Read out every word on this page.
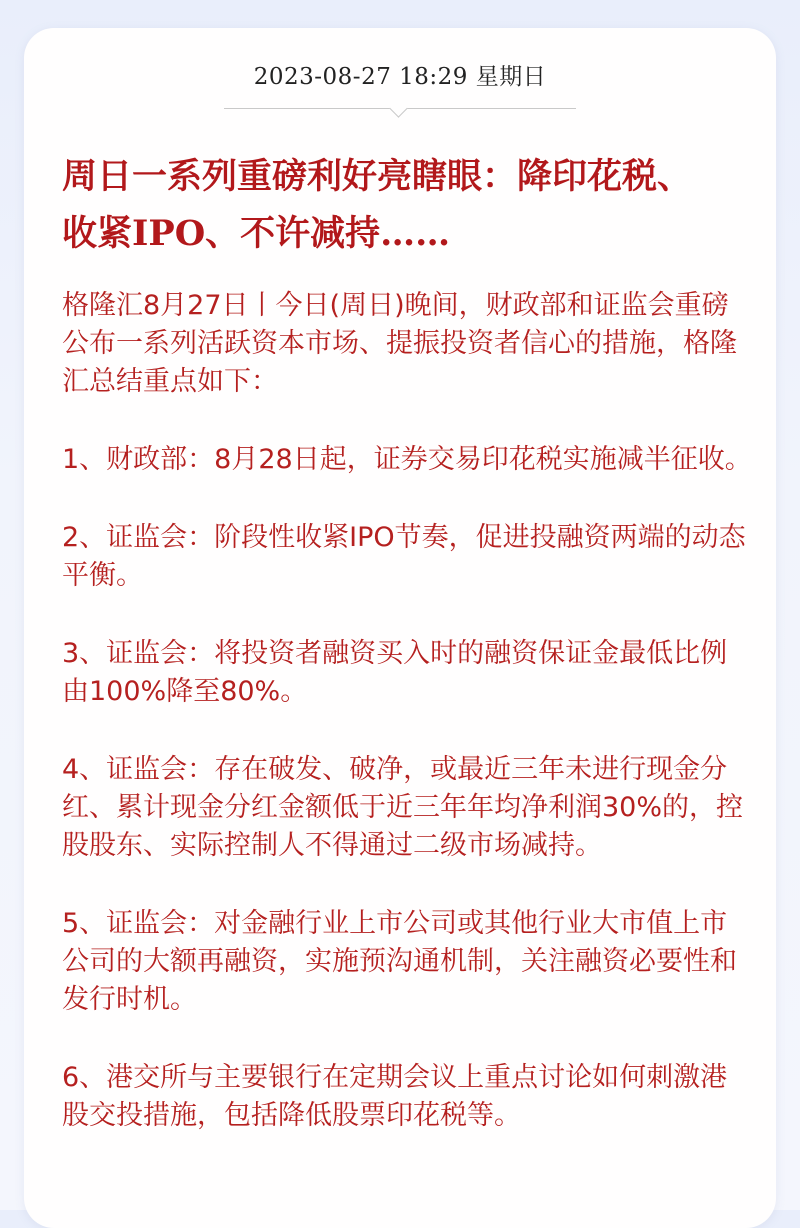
2023-08-27 18:29 星期日
周日一系列重磅利好亮瞎眼：降印花税、收紧IPO、不许减持……

格隆汇8月27日丨今日(周日)晚间，财政部和证监会重磅公布一系列活跃资本市场、提振投资者信心的措施，格隆汇总结重点如下：

1、财政部：8月28日起，证券交易印花税实施减半征收。

2、证监会：阶段性收紧IPO节奏，促进投融资两端的动态平衡。

3、证监会：将投资者融资买入时的融资保证金最低比例由100%降至80%。

4、证监会：存在破发、破净，或最近三年未进行现金分红、累计现金分红金额低于近三年年均净利润30%的，控股股东、实际控制人不得通过二级市场减持。

5、证监会：对金融行业上市公司或其他行业大市值上市公司的大额再融资，实施预沟通机制，关注融资必要性和发行时机。

6、港交所与主要银行在定期会议上重点讨论如何刺激港股交投措施，包括降低股票印花税等。
